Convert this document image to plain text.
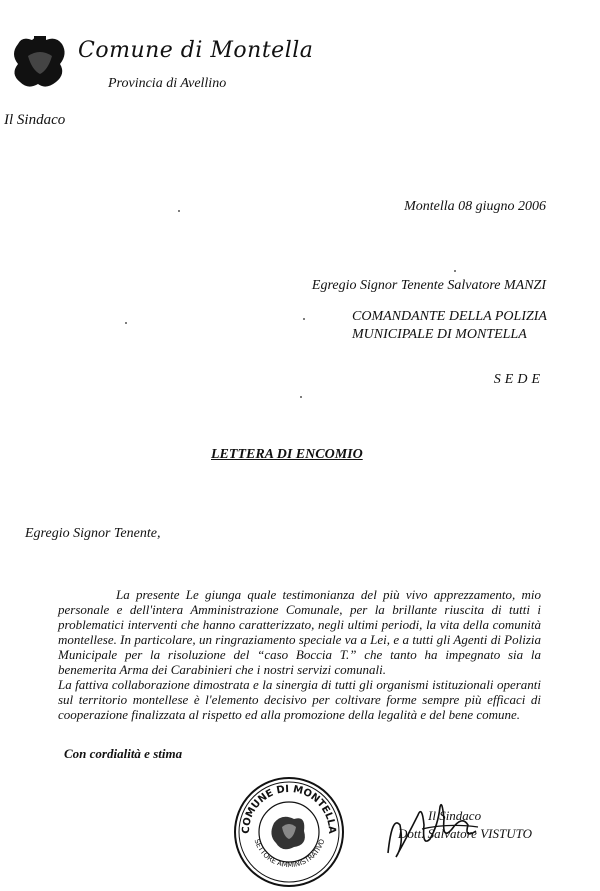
Comune di Montella
Provincia di Avellino
Il Sindaco
Montella 08 giugno 2006
Egregio Signor Tenente Salvatore MANZI
COMANDANTE DELLA POLIZIA
MUNICIPALE DI MONTELLA
SEDE
LETTERA DI ENCOMIO
Egregio Signor Tenente,

La presente Le giunga quale testimonianza del più vivo apprezzamento, mio personale e dell'intera Amministrazione Comunale, per la brillante riuscita di tutti i problematici interventi che hanno caratterizzato, negli ultimi periodi, la vita della comunità montellese. In particolare, un ringraziamento speciale va a Lei, e a tutti gli Agenti di Polizia Municipale per la risoluzione del “caso Boccia T.” che tanto ha impegnato sia la benemerita Arma dei Carabinieri che i nostri servizi comunali.

La fattiva collaborazione dimostrata e la sinergia di tutti gli organismi istituzionali operanti sul territorio montellese è l'elemento decisivo per coltivare forme sempre più efficaci di cooperazione finalizzata al rispetto ed alla promozione della legalità e del bene comune.

Con cordialità e stima
COMUNE DI MONTELLA
SETTORE AMMINISTRATIVO
Il Sindaco
Dott. Salvatore VISTUTO
